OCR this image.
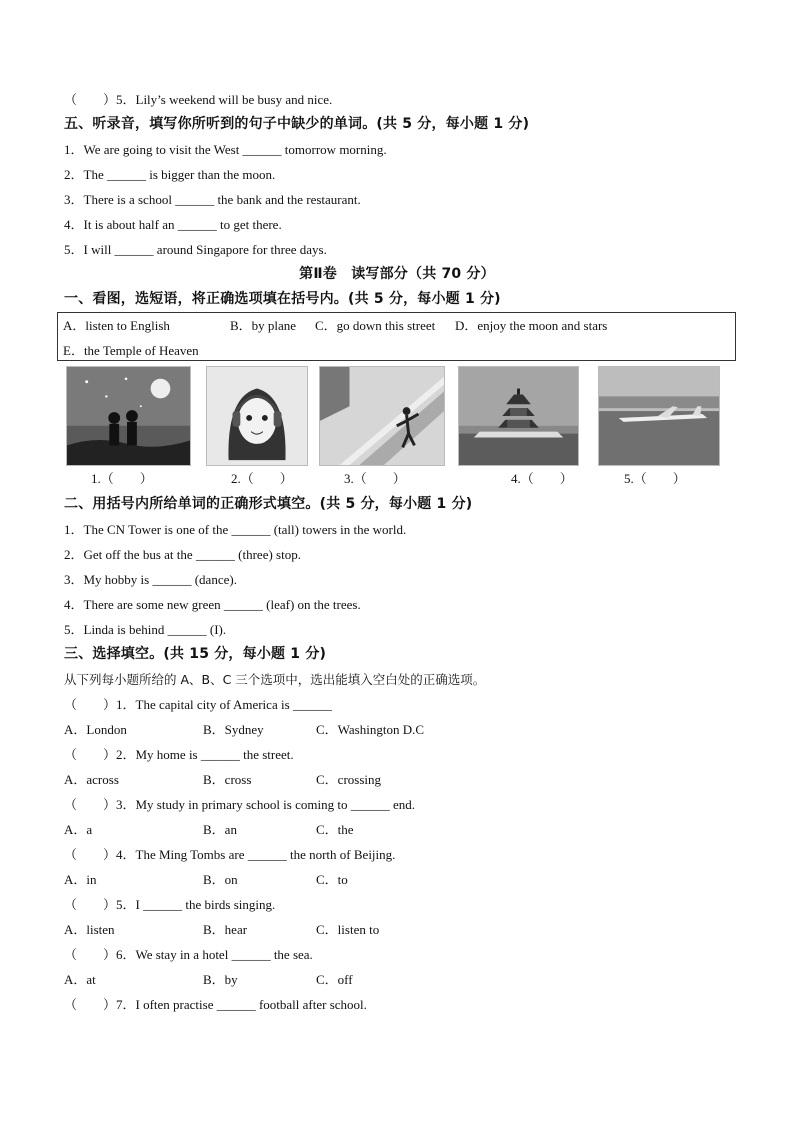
（　　）5．Lily’s weekend will be busy and nice.
五、听录音，填写你所听到的句子中缺少的单词。(共 5 分，每小题 1 分)
1．We are going to visit the West ______ tomorrow morning.
2．The ______ is bigger than the moon.
3．There is a school ______ the bank and the restaurant.
4．It is about half an ______ to get there.
5．I will ______ around Singapore for three days.
第Ⅱ卷　读写部分（共 70 分）
一、看图，选短语，将正确选项填在括号内。(共 5 分，每小题 1 分)
A．listen to English	B．by plane C．go down this street D．enjoy the moon and stars
E．the Temple of Heaven
1.（　　）	2.（　　）	3.（　　）	4.（　　）	5.（　　）
二、用括号内所给单词的正确形式填空。(共 5 分，每小题 1 分)
1．The CN Tower is one of the ______ (tall) towers in the world.
2．Get off the bus at the ______ (three) stop.
3．My hobby is ______ (dance).
4．There are some new green ______ (leaf) on the trees.
5．Linda is behind ______ (I).
三、选择填空。(共 15 分，每小题 1 分)
从下列每小题所给的 A、B、C 三个选项中，选出能填入空白处的正确选项。
（　　）1．The capital city of America is ______
A．London	B．Sydney	C．Washington D.C
（　　）2．My home is ______ the street.
A．across	B．cross	C．crossing
（　　）3．My study in primary school is coming to ______ end.
A．a	B．an	C．the
（　　）4．The Ming Tombs are ______ the north of Beijing.
A．in	B．on	C．to
（　　）5．I ______ the birds singing.
A．listen	B．hear	C．listen to
（　　）6．We stay in a hotel ______ the sea.
A．at	B．by	C．off
（　　）7．I often practise ______ football after school.
